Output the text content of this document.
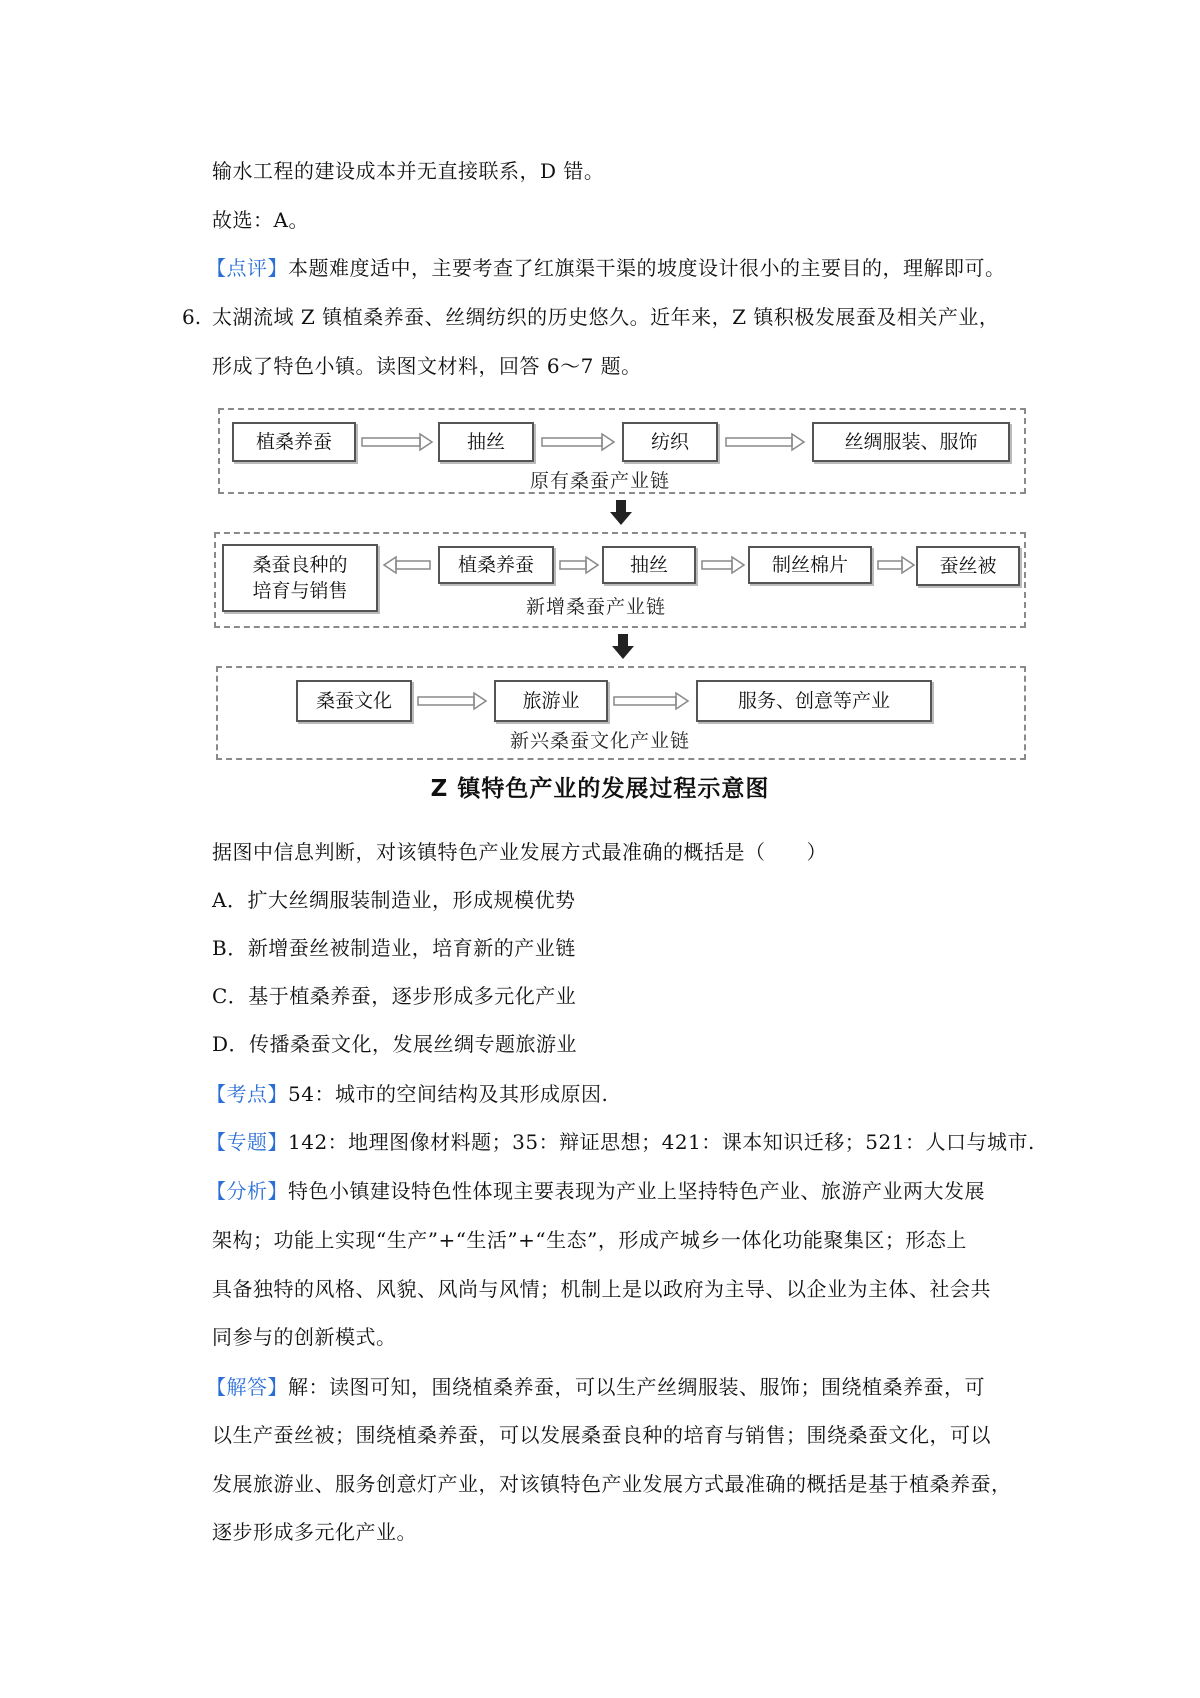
输水工程的建设成本并无直接联系，D 错。
故选：A。
【点评】本题难度适中，主要考查了红旗渠干渠的坡度设计很小的主要目的，理解即可。
6. 太湖流域 Z 镇植桑养蚕、丝绸纺织的历史悠久。近年来，Z 镇积极发展蚕及相关产业，
形成了特色小镇。读图文材料，回答 6～7 题。
植桑养蚕	抽丝	纺织	丝绸服装、服饰
原有桑蚕产业链
桑蚕良种的
培育与销售
植桑养蚕	抽丝	制丝棉片	蚕丝被
新增桑蚕产业链
桑蚕文化	旅游业	服务、创意等产业
新兴桑蚕文化产业链
Z 镇特色产业的发展过程示意图
据图中信息判断，对该镇特色产业发展方式最准确的概括是（　　）
A．扩大丝绸服装制造业，形成规模优势
B．新增蚕丝被制造业，培育新的产业链
C．基于植桑养蚕，逐步形成多元化产业
D．传播桑蚕文化，发展丝绸专题旅游业
【考点】54：城市的空间结构及其形成原因.
【专题】142：地理图像材料题；35：辩证思想；421：课本知识迁移；521：人口与城市.
【分析】特色小镇建设特色性体现主要表现为产业上坚持特色产业、旅游产业两大发展
架构；功能上实现“生产”+“生活”+“生态”，形成产城乡一体化功能聚集区；形态上
具备独特的风格、风貌、风尚与风情；机制上是以政府为主导、以企业为主体、社会共
同参与的创新模式。
【解答】解：读图可知，围绕植桑养蚕，可以生产丝绸服装、服饰；围绕植桑养蚕，可
以生产蚕丝被；围绕植桑养蚕，可以发展桑蚕良种的培育与销售；围绕桑蚕文化，可以
发展旅游业、服务创意灯产业，对该镇特色产业发展方式最准确的概括是基于植桑养蚕，
逐步形成多元化产业。
